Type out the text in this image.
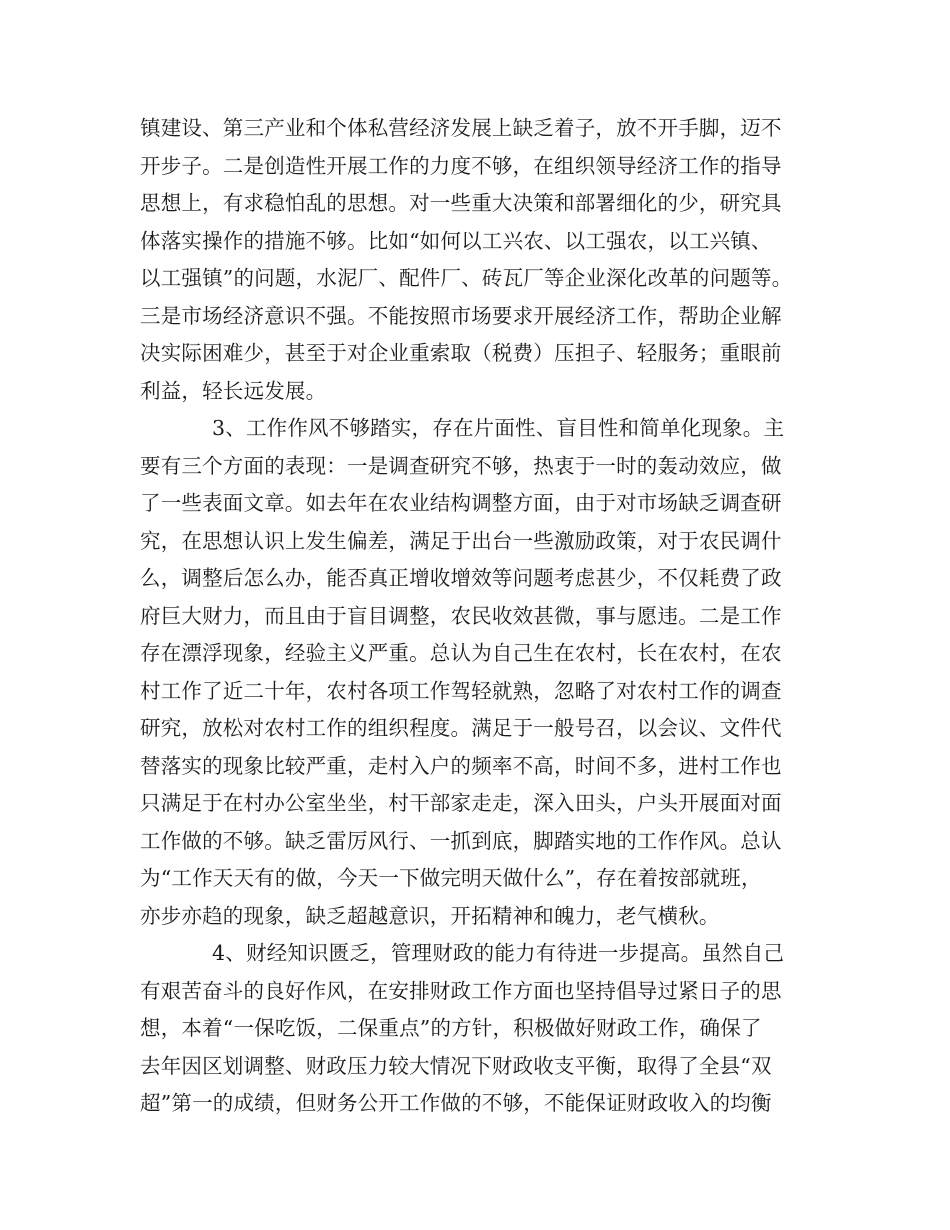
镇建设、第三产业和个体私营经济发展上缺乏着子，放不开手脚，迈不
开步子。二是创造性开展工作的力度不够，在组织领导经济工作的指导
思想上，有求稳怕乱的思想。对一些重大决策和部署细化的少，研究具
体落实操作的措施不够。比如“如何以工兴农、以工强农，以工兴镇、
以工强镇”的问题，水泥厂、配件厂、砖瓦厂等企业深化改革的问题等。
三是市场经济意识不强。不能按照市场要求开展经济工作，帮助企业解
决实际困难少，甚至于对企业重索取（税费）压担子、轻服务；重眼前
利益，轻长远发展。
3、工作作风不够踏实，存在片面性、盲目性和简单化现象。主
要有三个方面的表现：一是调查研究不够，热衷于一时的轰动效应，做
了一些表面文章。如去年在农业结构调整方面，由于对市场缺乏调查研
究，在思想认识上发生偏差，满足于出台一些激励政策，对于农民调什
么，调整后怎么办，能否真正增收增效等问题考虑甚少，不仅耗费了政
府巨大财力，而且由于盲目调整，农民收效甚微，事与愿违。二是工作
存在漂浮现象，经验主义严重。总认为自己生在农村，长在农村，在农
村工作了近二十年，农村各项工作驾轻就熟，忽略了对农村工作的调查
研究，放松对农村工作的组织程度。满足于一般号召，以会议、文件代
替落实的现象比较严重，走村入户的频率不高，时间不多，进村工作也
只满足于在村办公室坐坐，村干部家走走，深入田头，户头开展面对面
工作做的不够。缺乏雷厉风行、一抓到底，脚踏实地的工作作风。总认
为“工作天天有的做，今天一下做完明天做什么”，存在着按部就班，
亦步亦趋的现象，缺乏超越意识，开拓精神和魄力，老气横秋。
4、财经知识匮乏，管理财政的能力有待进一步提高。虽然自己
有艰苦奋斗的良好作风，在安排财政工作方面也坚持倡导过紧日子的思
想，本着“一保吃饭，二保重点”的方针，积极做好财政工作，确保了
去年因区划调整、财政压力较大情况下财政收支平衡，取得了全县“双
超”第一的成绩，但财务公开工作做的不够，不能保证财政收入的均衡
